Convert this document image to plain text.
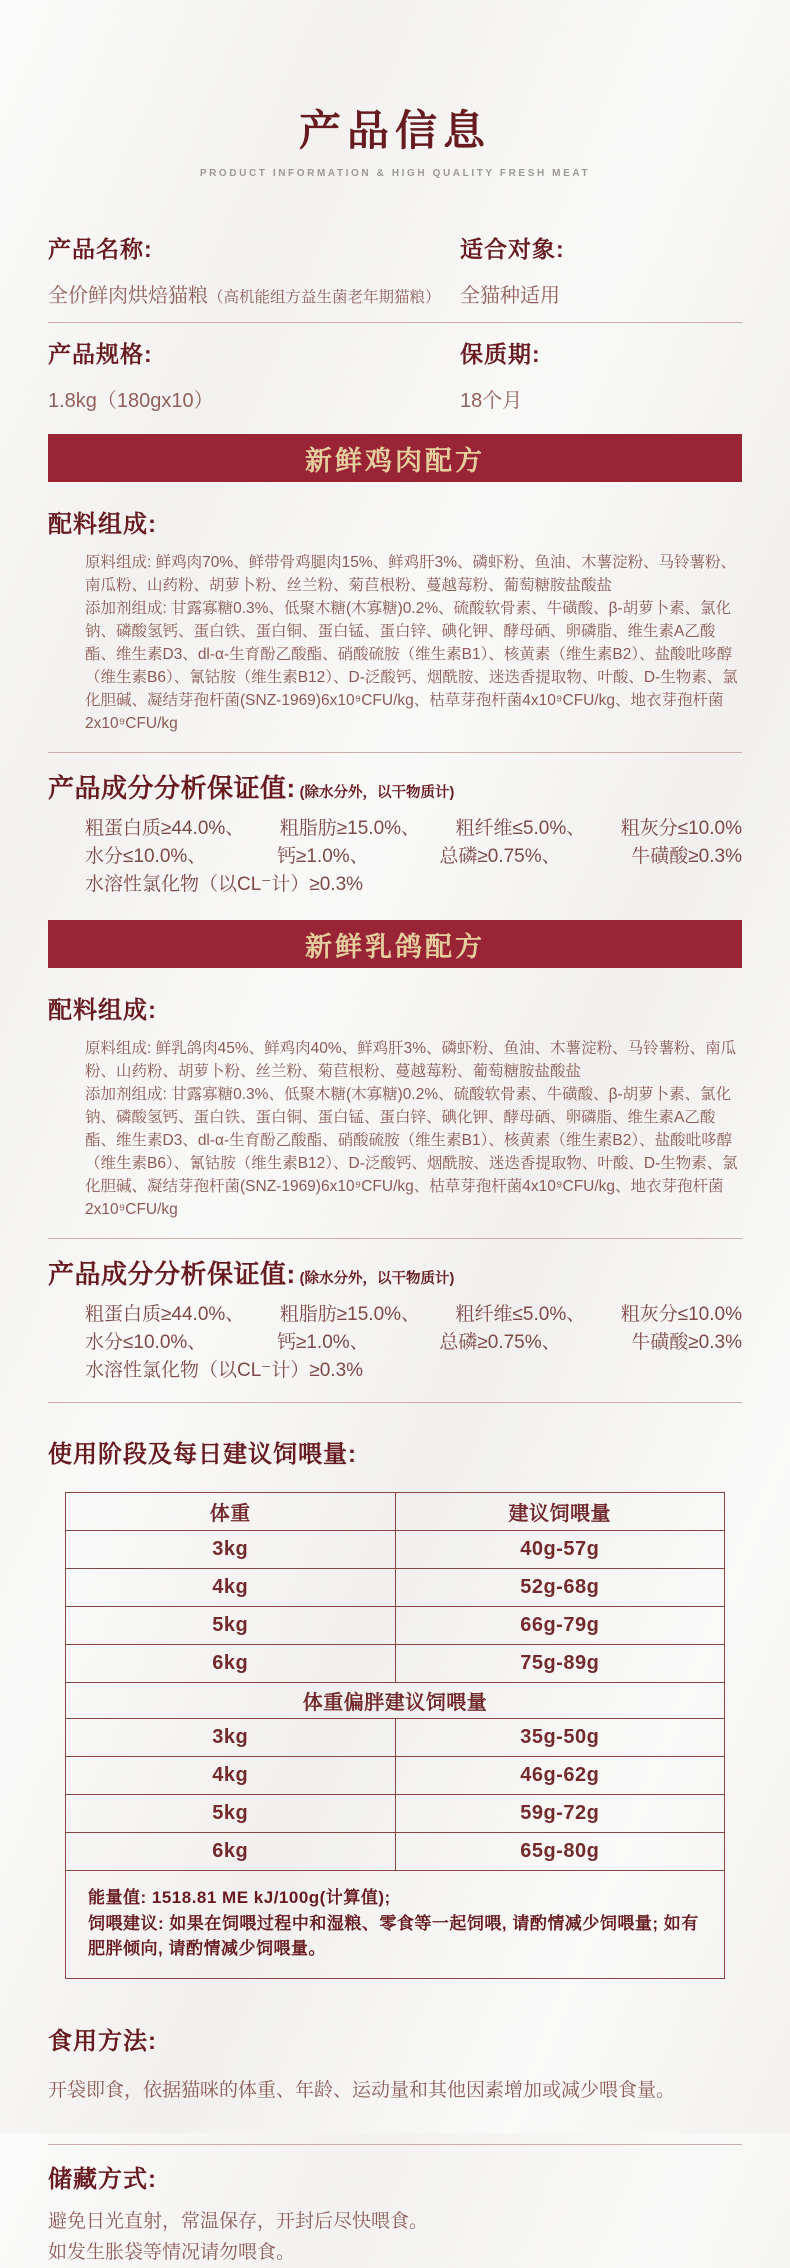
产品信息
PRODUCT INFORMATION & HIGH QUALITY FRESH MEAT
产品名称:
全价鲜肉烘焙猫粮（高机能组方益生菌老年期猫粮）
适合对象:
全猫种适用
产品规格:
1.8kg（180gx10）
保质期:
18个月
新鲜鸡肉配方
配料组成:

原料组成: 鲜鸡肉70%、鲜带骨鸡腿肉15%、鲜鸡肝3%、磷虾粉、鱼油、木薯淀粉、马铃薯粉、南瓜粉、山药粉、胡萝卜粉、丝兰粉、菊苣根粉、蔓越莓粉、葡萄糖胺盐酸盐

添加剂组成: 甘露寡糖0.3%、低聚木糖(木寡糖)0.2%、硫酸软骨素、牛磺酸、β-胡萝卜素、氯化钠、磷酸氢钙、蛋白铁、蛋白铜、蛋白锰、蛋白锌、碘化钾、酵母硒、卵磷脂、维生素A乙酸酯、维生素D3、dl-α-生育酚乙酸酯、硝酸硫胺（维生素B1）、核黄素（维生素B2）、盐酸吡哆醇（维生素B6）、氰钴胺（维生素B12）、D-泛酸钙、烟酰胺、迷迭香提取物、叶酸、D-生物素、氯化胆碱、凝结芽孢杆菌(SNZ-1969)6x10⁹CFU/kg、枯草芽孢杆菌4x10⁹CFU/kg、地衣芽孢杆菌2x10⁹CFU/kg

产品成分分析保证值: (除水分外，以干物质计)
粗蛋白质≥44.0%、 粗脂肪≥15.0%、 粗纤维≤5.0%、 粗灰分≤10.0%
水分≤10.0%、	钙≥1.0%、	总磷≥0.75%、	牛磺酸≥0.3%
水溶性氯化物（以CL⁻计）≥0.3%
新鲜乳鸽配方
配料组成:

原料组成: 鲜乳鸽肉45%、鲜鸡肉40%、鲜鸡肝3%、磷虾粉、鱼油、木薯淀粉、马铃薯粉、南瓜粉、山药粉、胡萝卜粉、丝兰粉、菊苣根粉、蔓越莓粉、葡萄糖胺盐酸盐

添加剂组成: 甘露寡糖0.3%、低聚木糖(木寡糖)0.2%、硫酸软骨素、牛磺酸、β-胡萝卜素、氯化钠、磷酸氢钙、蛋白铁、蛋白铜、蛋白锰、蛋白锌、碘化钾、酵母硒、卵磷脂、维生素A乙酸酯、维生素D3、dl-α-生育酚乙酸酯、硝酸硫胺（维生素B1）、核黄素（维生素B2）、盐酸吡哆醇（维生素B6）、氰钴胺（维生素B12）、D-泛酸钙、烟酰胺、迷迭香提取物、叶酸、D-生物素、氯化胆碱、凝结芽孢杆菌(SNZ-1969)6x10⁹CFU/kg、枯草芽孢杆菌4x10⁹CFU/kg、地衣芽孢杆菌2x10⁹CFU/kg

产品成分分析保证值: (除水分外，以干物质计)
粗蛋白质≥44.0%、 粗脂肪≥15.0%、 粗纤维≤5.0%、 粗灰分≤10.0%
水分≤10.0%、	钙≥1.0%、	总磷≥0.75%、	牛磺酸≥0.3%
水溶性氯化物（以CL⁻计）≥0.3%
使用阶段及每日建议饲喂量:
体重	建议饲喂量
3kg	40g-57g
4kg	52g-68g
5kg	66g-79g
6kg	75g-89g
体重偏胖建议饲喂量	
3kg	35g-50g
4kg	46g-62g
5kg	59g-72g
6kg	65g-80g

能量值: 1518.81 ME kJ/100g(计算值);

饲喂建议: 如果在饲喂过程中和湿粮、零食等一起饲喂, 请酌情减少饲喂量; 如有肥胖倾向, 请酌情减少饲喂量。	

食用方法:
开袋即食，依据猫咪的体重、年龄、运动量和其他因素增加或减少喂食量。
储藏方式:
避免日光直射，常温保存，开封后尽快喂食。
如发生胀袋等情况请勿喂食。
